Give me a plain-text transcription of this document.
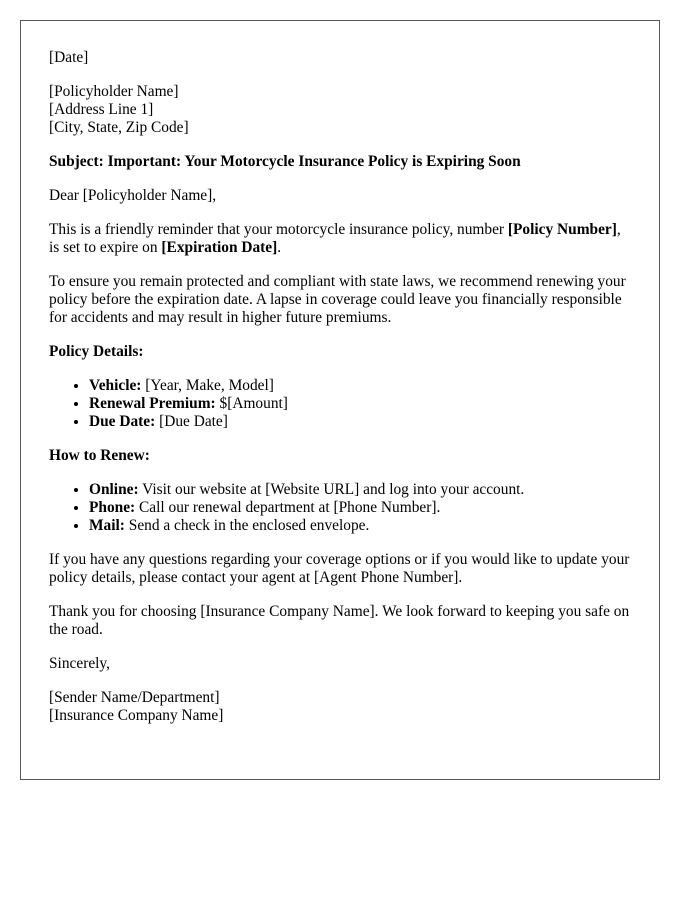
[Date]

[Policyholder Name]
[Address Line 1]
[City, State, Zip Code]

Subject: Important: Your Motorcycle Insurance Policy is Expiring Soon

Dear [Policyholder Name],

This is a friendly reminder that your motorcycle insurance policy, number [Policy Number], is set to expire on [Expiration Date].

To ensure you remain protected and compliant with state laws, we recommend renewing your policy before the expiration date. A lapse in coverage could leave you financially responsible for accidents and may result in higher future premiums.

Policy Details:

• Vehicle: [Year, Make, Model]
• Renewal Premium: $[Amount]
• Due Date: [Due Date]

How to Renew:

• Online: Visit our website at [Website URL] and log into your account.
• Phone: Call our renewal department at [Phone Number].
• Mail: Send a check in the enclosed envelope.

If you have any questions regarding your coverage options or if you would like to update your policy details, please contact your agent at [Agent Phone Number].

Thank you for choosing [Insurance Company Name]. We look forward to keeping you safe on the road.

Sincerely,

[Sender Name/Department]
[Insurance Company Name]
